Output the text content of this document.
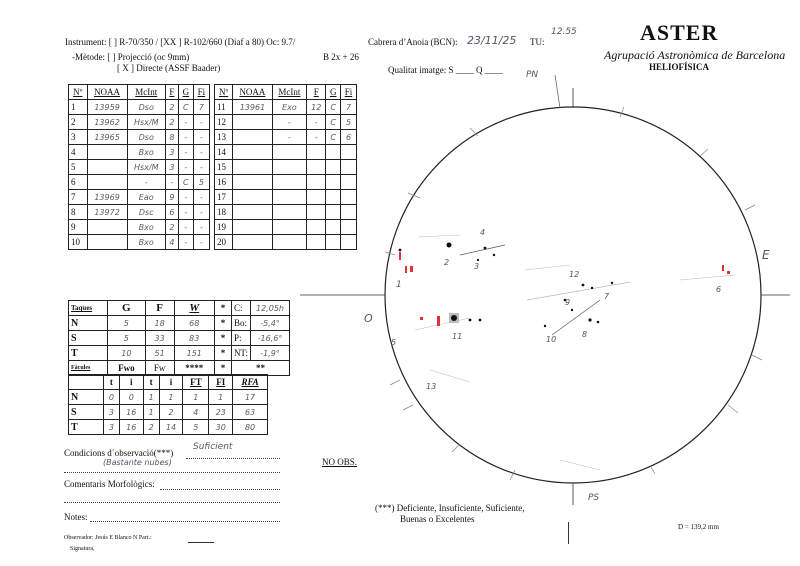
Instrument: [ ] R-70/350 / [XX ] R-102/660 (Diaf a 80) Oc: 9.7/
-Mètode: [ ] Projecció (oc 9mm)
[ X ] Directe (ASSF Baader)
B 2x + 26
Cabrera d’Anoia (BCN): 23/11/25 TU:
12.55
Qualitat imatge: S ____ Q ____
ASTER
Agrupació Astronòmica de Barcelona
HELIOFÍSICA
Nº	NOAA	McInt	F	G	Fi
1	13959	Dso	2	C	7
2	13962	Hsx/M	2	-	-
3	13965	Dso	8	-	-
4		Bxo	3	-	-
5		Hsx/M	3	-	-
6		-	-	C	5
7	13969	Eao	9	-	-
8	13972	Dsc	6	-	-
9		Bxo	2	-	-
10		Bxo	4	-	-
Nº	NOAA	McInt	F	G	Fi
11	13961	Exo	12	C	7
12		-	-	C	5
13		-	-	C	6
14					
15					
16					
17					
18					
19					
20					
Taques	G	F	W	*	C:	12,05h
N	5	18	68	*	Bo:	-5,4°
S	5	33	83	*	P:	-16,6°
T	10	51	151	*	NT:	-1,9°
Fàcules	Fwo	Fw	****	*	**	
	t	i	t	i	FT	FI	RFA
N	0	0	1	1	1	1	17
S	3	16	1	2	4	23	63
T	3	16	2	14	5	30	80
Condicions d´observació(***)
Suficient
(Bastante nubes)
Comentaris Morfològics:
Notes:
Observador: Jesús E Blanco N Part.:
Signatura,
NO OBS.
(***) Deficiente, Insuficiente, Suficiente,
Buenas o Excelentes
D = 139,2 mm
PN
PS
E
O
1
2	3
4
5
6
7
8
9
10
11
12
13
